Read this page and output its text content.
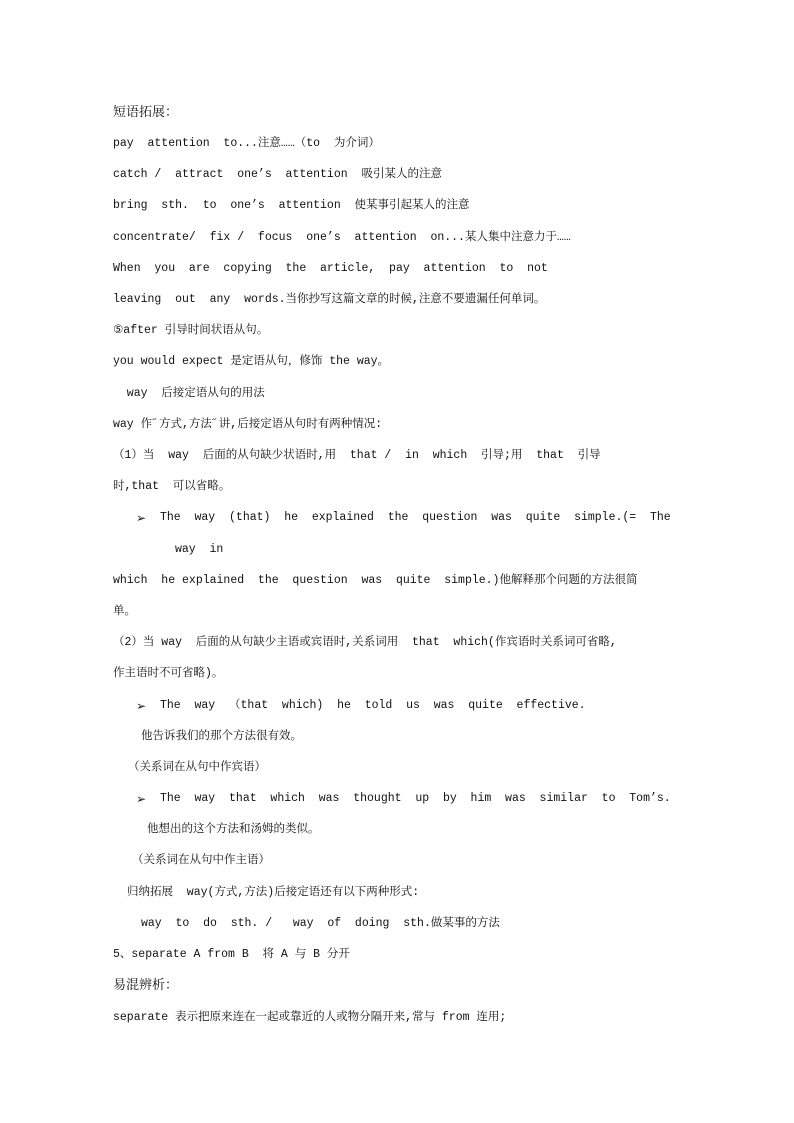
短语拓展：
pay  attention  to...注意……（to  为介词）
catch /  attract  one’s  attention  吸引某人的注意
bring  sth.  to  one’s  attention  使某事引起某人的注意
concentrate/  fix /  focus  one’s  attention  on...某人集中注意力于……
When  you  are  copying  the  article,  pay  attention  to  not
leaving  out  any  words.当你抄写这篇文章的时候,注意不要遗漏任何单词。
⑤after 引导时间状语从句。
you would expect 是定语从句，修饰 the way。
way  后接定语从句的用法
way 作˝方式,方法˝讲,后接定语从句时有两种情况:
（1）当  way  后面的从句缺少状语时,用  that /  in  which  引导;用  that  引导
时,that  可以省略。
➢ The  way  (that)  he  explained  the  question  was  quite  simple.(=  The
way  in
which  he explained  the  question  was  quite  simple.)他解释那个问题的方法很简
单。
（2）当 way  后面的从句缺少主语或宾语时,关系词用  that  which(作宾语时关系词可省略,
作主语时不可省略)。
➢ The  way  （that  which)  he  told  us  was  quite  effective.
他告诉我们的那个方法很有效。
（关系词在从句中作宾语）
➢ The  way  that  which  was  thought  up  by  him  was  similar  to  Tom’s.
他想出的这个方法和汤姆的类似。
（关系词在从句中作主语）
归纳拓展  way(方式,方法)后接定语还有以下两种形式:
way  to  do  sth. /   way  of  doing  sth.做某事的方法
5、separate A from B  将 A 与 B 分开
易混辨析：
separate 表示把原来连在一起或靠近的人或物分隔开来,常与 from 连用;
